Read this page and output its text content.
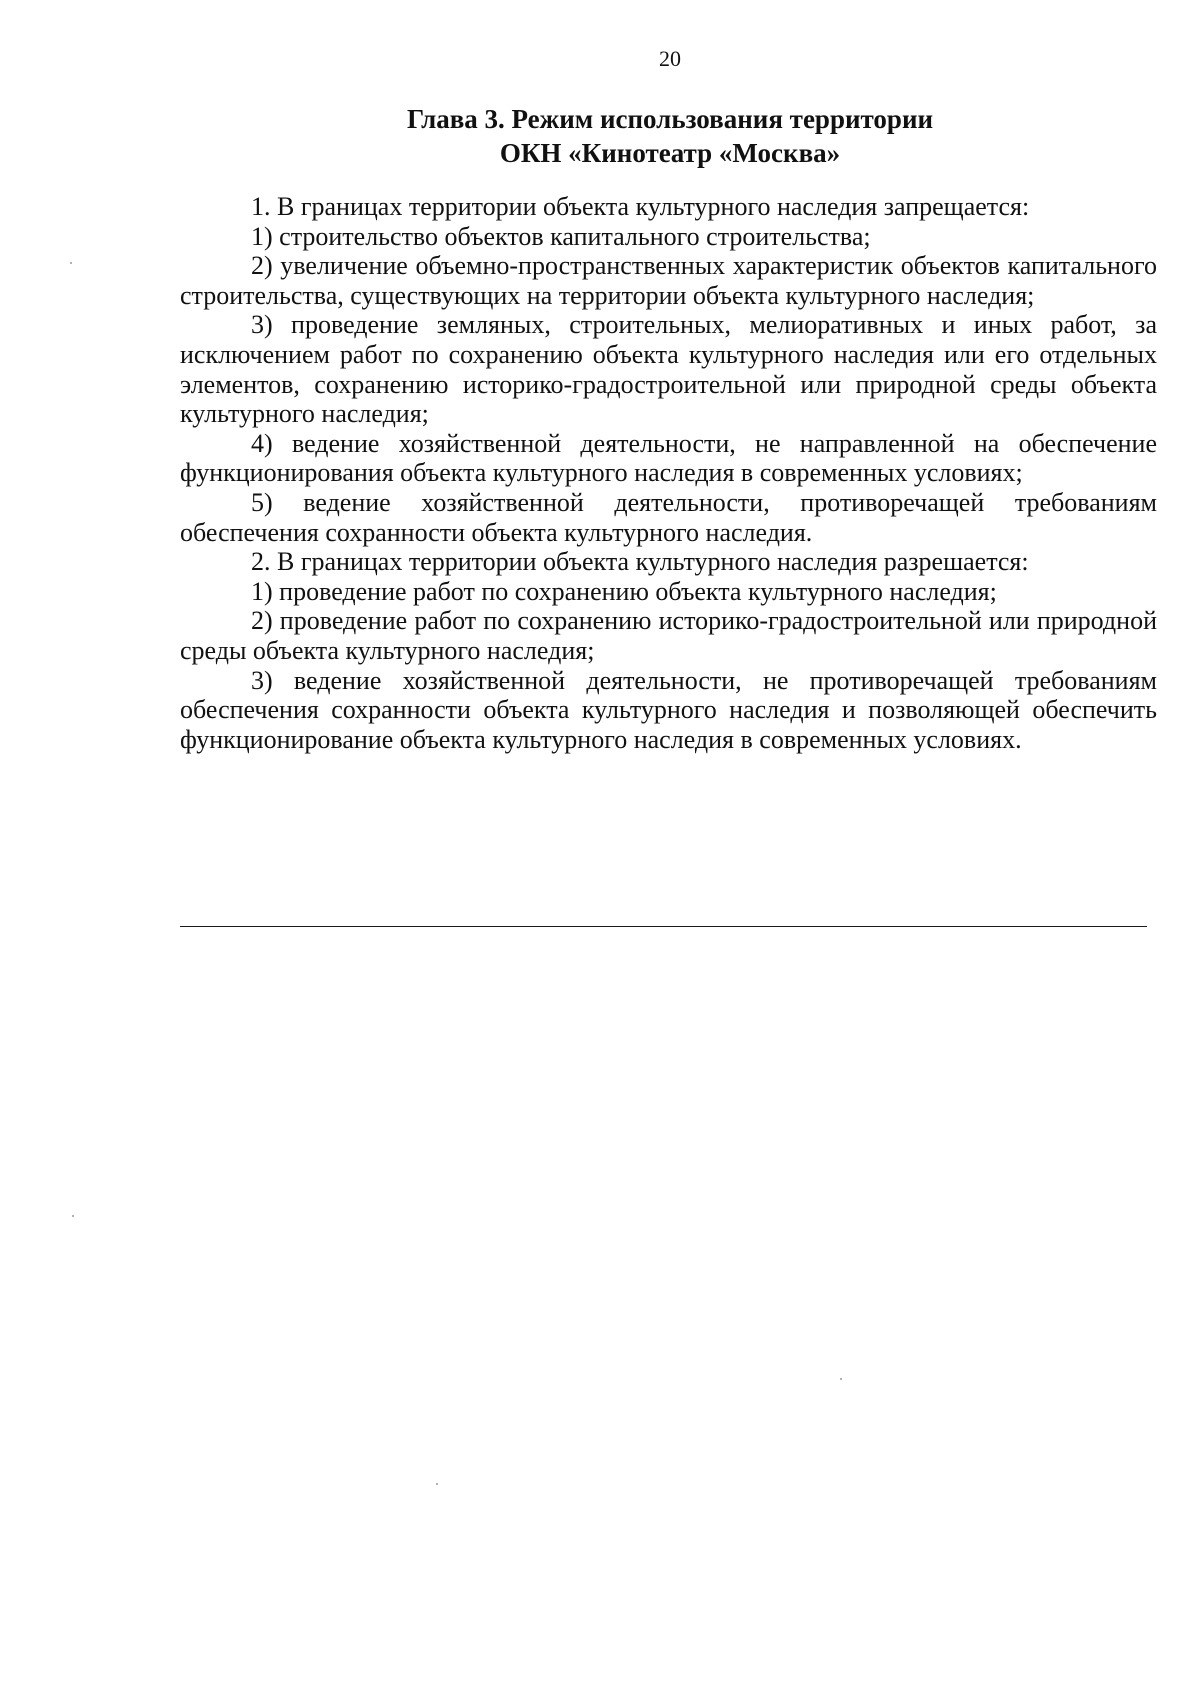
20
Глава 3. Режим использования территории
ОКН «Кинотеатр «Москва»

1. В границах территории объекта культурного наследия запрещается:

1) строительство объектов капитального строительства;

2) увеличение объемно-пространственных характеристик объектов капитального строительства, существующих на территории объекта культурного наследия;

3) проведение земляных, строительных, мелиоративных и иных работ, за исключением работ по сохранению объекта культурного наследия или его отдельных элементов, сохранению историко-градостроительной или природной среды объекта культурного наследия;

4) ведение хозяйственной деятельности, не направленной на обеспечение функционирования объекта культурного наследия в современных условиях;

5) ведение хозяйственной деятельности, противоречащей требованиям обеспечения сохранности объекта культурного наследия.

2. В границах территории объекта культурного наследия разрешается:

1) проведение работ по сохранению объекта культурного наследия;

2) проведение работ по сохранению историко-градостроительной или природной среды объекта культурного наследия;

3) ведение хозяйственной деятельности, не противоречащей требованиям обеспечения сохранности объекта культурного наследия и позволяющей обеспечить функционирование объекта культурного наследия в современных условиях.
